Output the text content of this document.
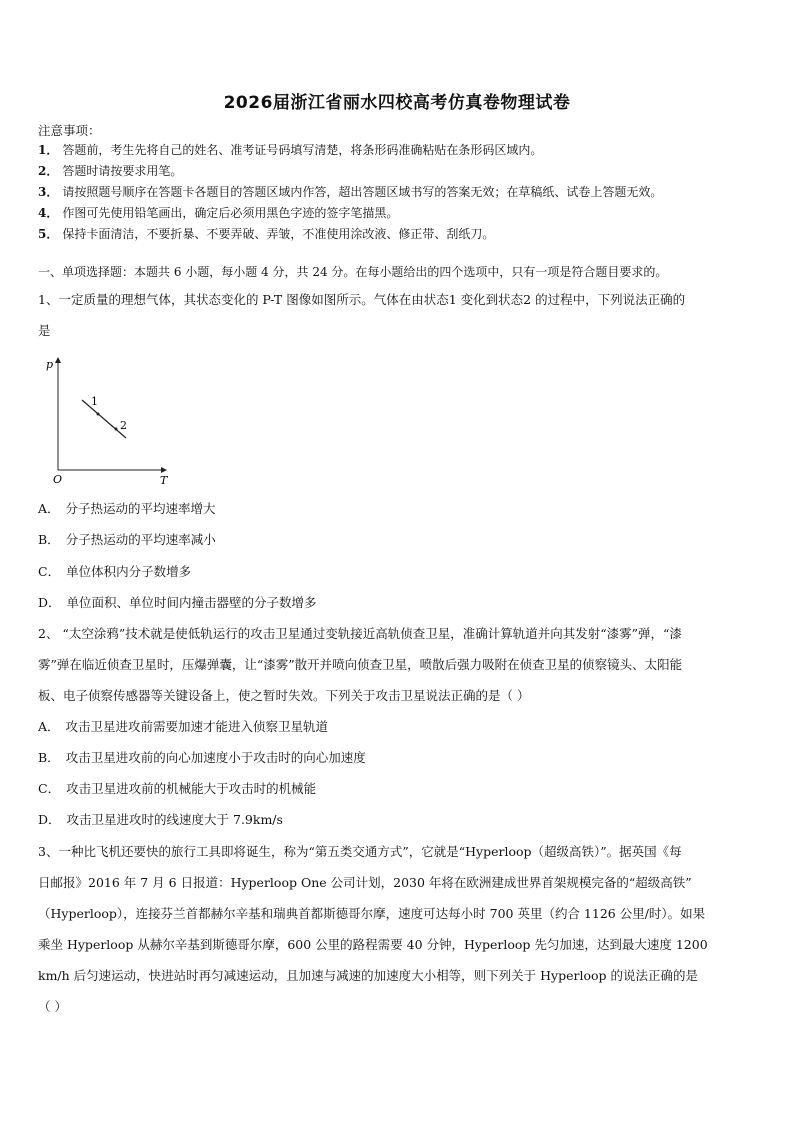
2026届浙江省丽水四校高考仿真卷物理试卷
注意事项：
1． 答题前，考生先将自己的姓名、准考证号码填写清楚，将条形码准确粘贴在条形码区域内。
2． 答题时请按要求用笔。
3． 请按照题号顺序在答题卡各题目的答题区域内作答，超出答题区域书写的答案无效；在草稿纸、试卷上答题无效。
4． 作图可先使用铅笔画出，确定后必须用黑色字迹的签字笔描黑。
5． 保持卡面清洁，不要折暴、不要弄破、弄皱，不准使用涂改液、修正带、刮纸刀。
一、单项选择题：本题共 6 小题，每小题 4 分，共 24 分。在每小题给出的四个选项中，只有一项是符合题目要求的。
1、一定质量的理想气体，其状态变化的 P-T 图像如图所示。气体在由状态1 变化到状态2 的过程中，下列说法正确的
是
p
T
O
1
2
A． 分子热运动的平均速率增大
B． 分子热运动的平均速率减小
C． 单位体积内分子数增多
D． 单位面积、单位时间内撞击器壁的分子数增多
2、 “太空涂鸦”技术就是使低轨运行的攻击卫星通过变轨接近高轨侦查卫星，准确计算轨道并向其发射“漆雾”弹，“漆
雾”弹在临近侦查卫星时，压爆弹囊，让“漆雾”散开并喷向侦查卫星，喷散后强力吸附在侦查卫星的侦察镜头、太阳能
板、电子侦察传感器等关键设备上，使之暂时失效。下列关于攻击卫星说法正确的是（ ）
A． 攻击卫星进攻前需要加速才能进入侦察卫星轨道
B． 攻击卫星进攻前的向心加速度小于攻击时的向心加速度
C． 攻击卫星进攻前的机械能大于攻击时的机械能
D． 攻击卫星进攻时的线速度大于 7.9km/s
3、一种比飞机还要快的旅行工具即将诞生，称为“第五类交通方式”，它就是“Hyperloop（超级高铁）”。据英国《每
日邮报》2016 年 7 月 6 日报道：Hyperloop One 公司计划，2030 年将在欧洲建成世界首架规模完备的“超级高铁”
（Hyperloop），连接芬兰首都赫尔辛基和瑞典首都斯德哥尔摩，速度可达每小时 700 英里（约合 1126 公里/时）。如果
乘坐 Hyperloop 从赫尔辛基到斯德哥尔摩，600 公里的路程需要 40 分钟，Hyperloop 先匀加速，达到最大速度 1200
km/h 后匀速运动，快进站时再匀减速运动，且加速与减速的加速度大小相等，则下列关于 Hyperloop 的说法正确的是
（ ）
